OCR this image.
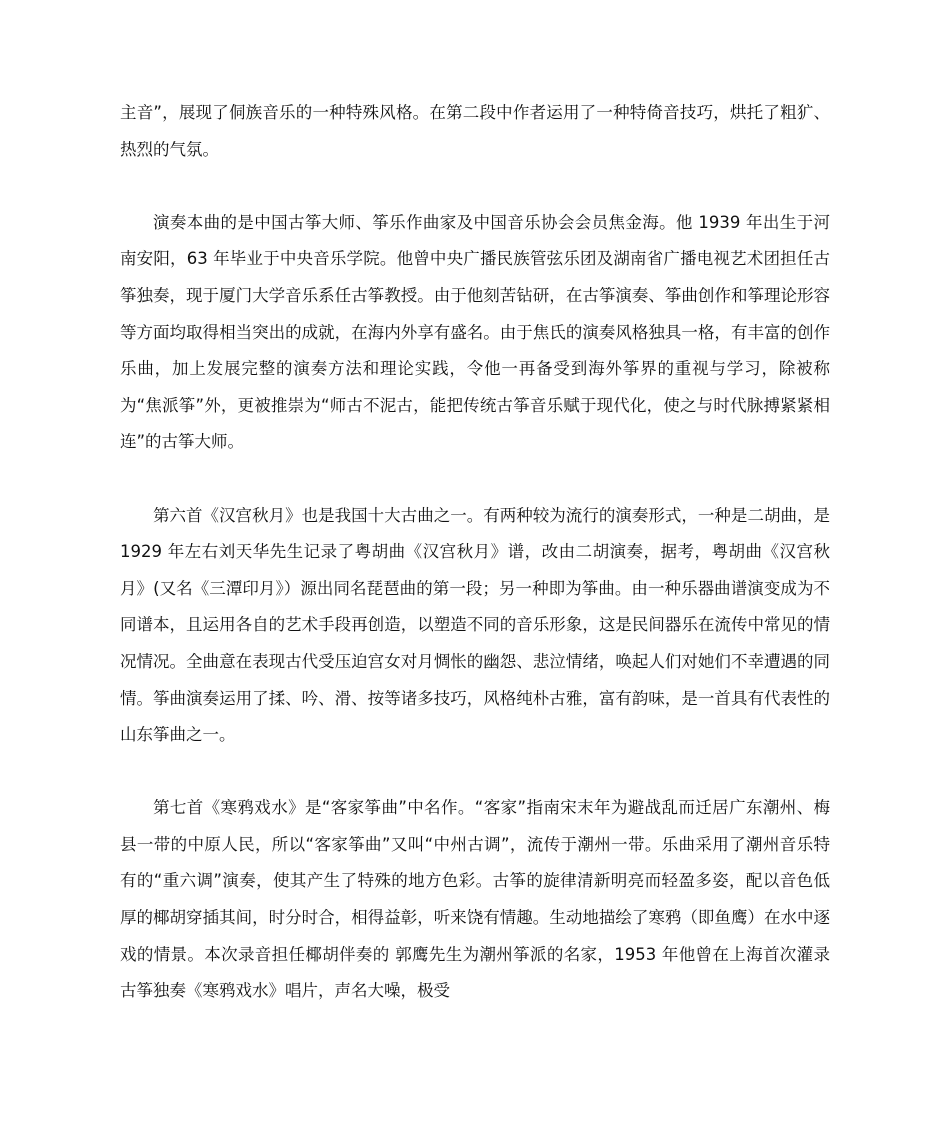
主音”，展现了侗族音乐的一种特殊风格。在第二段中作者运用了一种特倚音技巧，烘托了粗犷、热烈的气氛。

演奏本曲的是中国古筝大师、筝乐作曲家及中国音乐协会会员焦金海。他 1939 年出生于河南安阳，63 年毕业于中央音乐学院。他曾中央广播民族管弦乐团及湖南省广播电视艺术团担任古筝独奏，现于厦门大学音乐系任古筝教授。由于他刻苦钻研，在古筝演奏、筝曲创作和筝理论形容等方面均取得相当突出的成就，在海内外享有盛名。由于焦氏的演奏风格独具一格，有丰富的创作乐曲，加上发展完整的演奏方法和理论实践，令他一再备受到海外筝界的重视与学习，除被称为“焦派筝”外，更被推崇为“师古不泥古，能把传统古筝音乐赋于现代化，使之与时代脉搏紧紧相连”的古筝大师。

第六首《汉宫秋月》也是我国十大古曲之一。有两种较为流行的演奏形式，一种是二胡曲，是 1929 年左右刘天华先生记录了粤胡曲《汉宫秋月》谱，改由二胡演奏，据考，粤胡曲《汉宫秋月》(又名《三潭印月》）源出同名琵琶曲的第一段；另一种即为筝曲。由一种乐器曲谱演变成为不同谱本，且运用各自的艺术手段再创造，以塑造不同的音乐形象，这是民间器乐在流传中常见的情况情况。全曲意在表现古代受压迫宫女对月惆怅的幽怨、悲泣情绪，唤起人们对她们不幸遭遇的同情。筝曲演奏运用了揉、吟、滑、按等诸多技巧，风格纯朴古雅，富有韵味，是一首具有代表性的山东筝曲之一。

第七首《寒鸦戏水》是“客家筝曲”中名作。“客家”指南宋末年为避战乱而迁居广东潮州、梅县一带的中原人民，所以“客家筝曲”又叫“中州古调”，流传于潮州一带。乐曲采用了潮州音乐特有的“重六调”演奏，使其产生了特殊的地方色彩。古筝的旋律清新明亮而轻盈多姿，配以音色低厚的椰胡穿插其间，时分时合，相得益彰，听来饶有情趣。生动地描绘了寒鸦（即鱼鹰）在水中逐戏的情景。本次录音担任椰胡伴奏的 郭鹰先生为潮州筝派的名家，1953 年他曾在上海首次灌录古筝独奏《寒鸦戏水》唱片，声名大噪，极受
